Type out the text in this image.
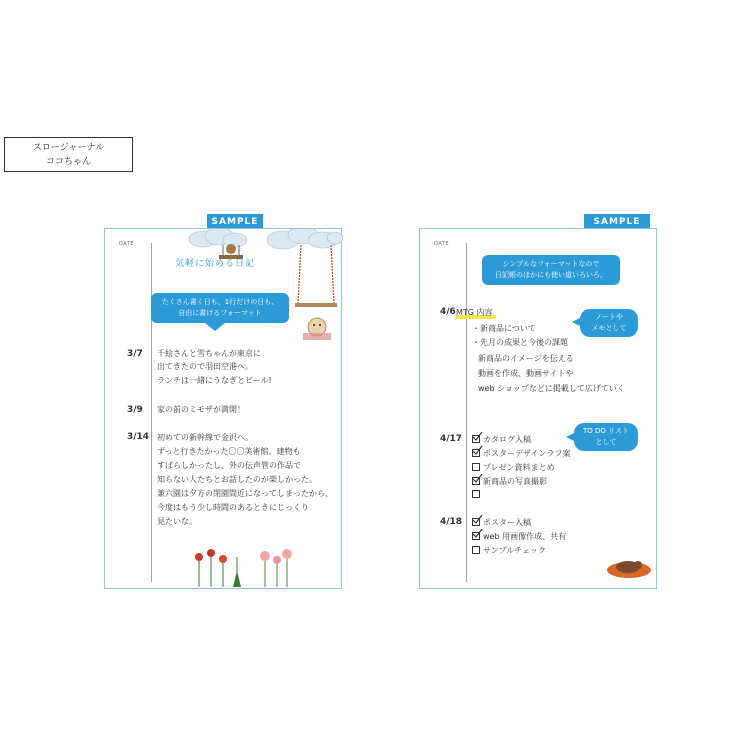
スロージャーナル
ココちゃん
SAMPLE
DATE
気軽に始める日記
たくさん書く日も、1行だけの日も、
自由に書けるフォーマット
3/7 千絵さんと雪ちゃんが東京に
出てきたので羽田空港へ。
ランチは一緒にうなぎとビール!
3/9 家の前のミモザが満開！
3/14 初めての新幹線で金沢へ。
ずっと行きたかった〇〇美術館、建物も
すばらしかったし、外の伝声管の作品で
知らない人たちとお話したのが楽しかった。
兼六園は夕方の閉園間近になってしまったから、
今度はもう少し時間のあるときにじっくり
見たいな。
SAMPLE
DATE
シンプルなフォーマットなので
日記帳のほかにも使い道いろいろ。
4/6 MTG 内容
・新商品について
・先月の成果と今後の課題
新商品のイメージを伝える
動画を作成、動画サイトや
web ショップなどに掲載して広げていく
ノートや
メモとして
TO DO リスト
として
4/17	カタログ入稿
ポスターデザインラフ案
プレゼン資料まとめ
新商品の写真撮影
4/18	ポスター入稿
web 用画像作成、共有
サンプルチェック
